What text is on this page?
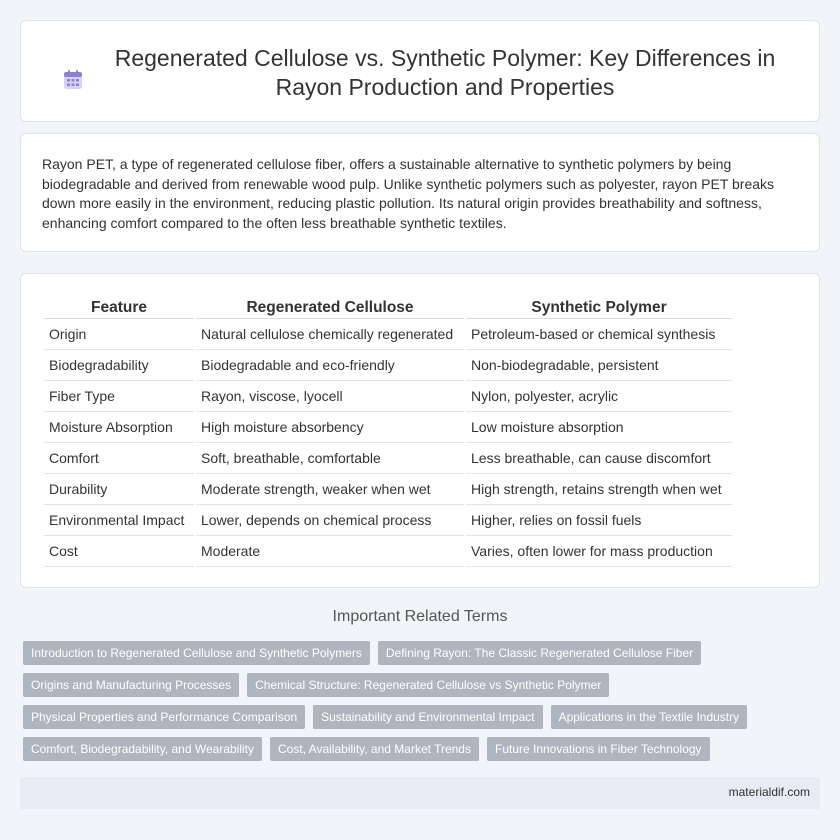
Regenerated Cellulose vs. Synthetic Polymer: Key Differences in Rayon Production and Properties

Rayon PET, a type of regenerated cellulose fiber, offers a sustainable alternative to synthetic polymers by being biodegradable and derived from renewable wood pulp. Unlike synthetic polymers such as polyester, rayon PET breaks down more easily in the environment, reducing plastic pollution. Its natural origin provides breathability and softness, enhancing comfort compared to the often less breathable synthetic textiles.

Feature	Regenerated Cellulose	Synthetic Polymer
Origin	Natural cellulose chemically regenerated	Petroleum-based or chemical synthesis
Biodegradability	Biodegradable and eco-friendly	Non-biodegradable, persistent
Fiber Type	Rayon, viscose, lyocell	Nylon, polyester, acrylic
Moisture Absorption	High moisture absorbency	Low moisture absorption
Comfort	Soft, breathable, comfortable	Less breathable, can cause discomfort
Durability	Moderate strength, weaker when wet	High strength, retains strength when wet
Environmental Impact	Lower, depends on chemical process	Higher, relies on fossil fuels
Cost	Moderate	Varies, often lower for mass production
Important Related Terms
Introduction to Regenerated Cellulose and Synthetic Polymers	Defining Rayon: The Classic Regenerated Cellulose Fiber
Origins and Manufacturing Processes	Chemical Structure: Regenerated Cellulose vs Synthetic Polymer
Physical Properties and Performance Comparison	Sustainability and Environmental Impact	Applications in the Textile Industry
Comfort, Biodegradability, and Wearability	Cost, Availability, and Market Trends	Future Innovations in Fiber Technology
materialdif.com
